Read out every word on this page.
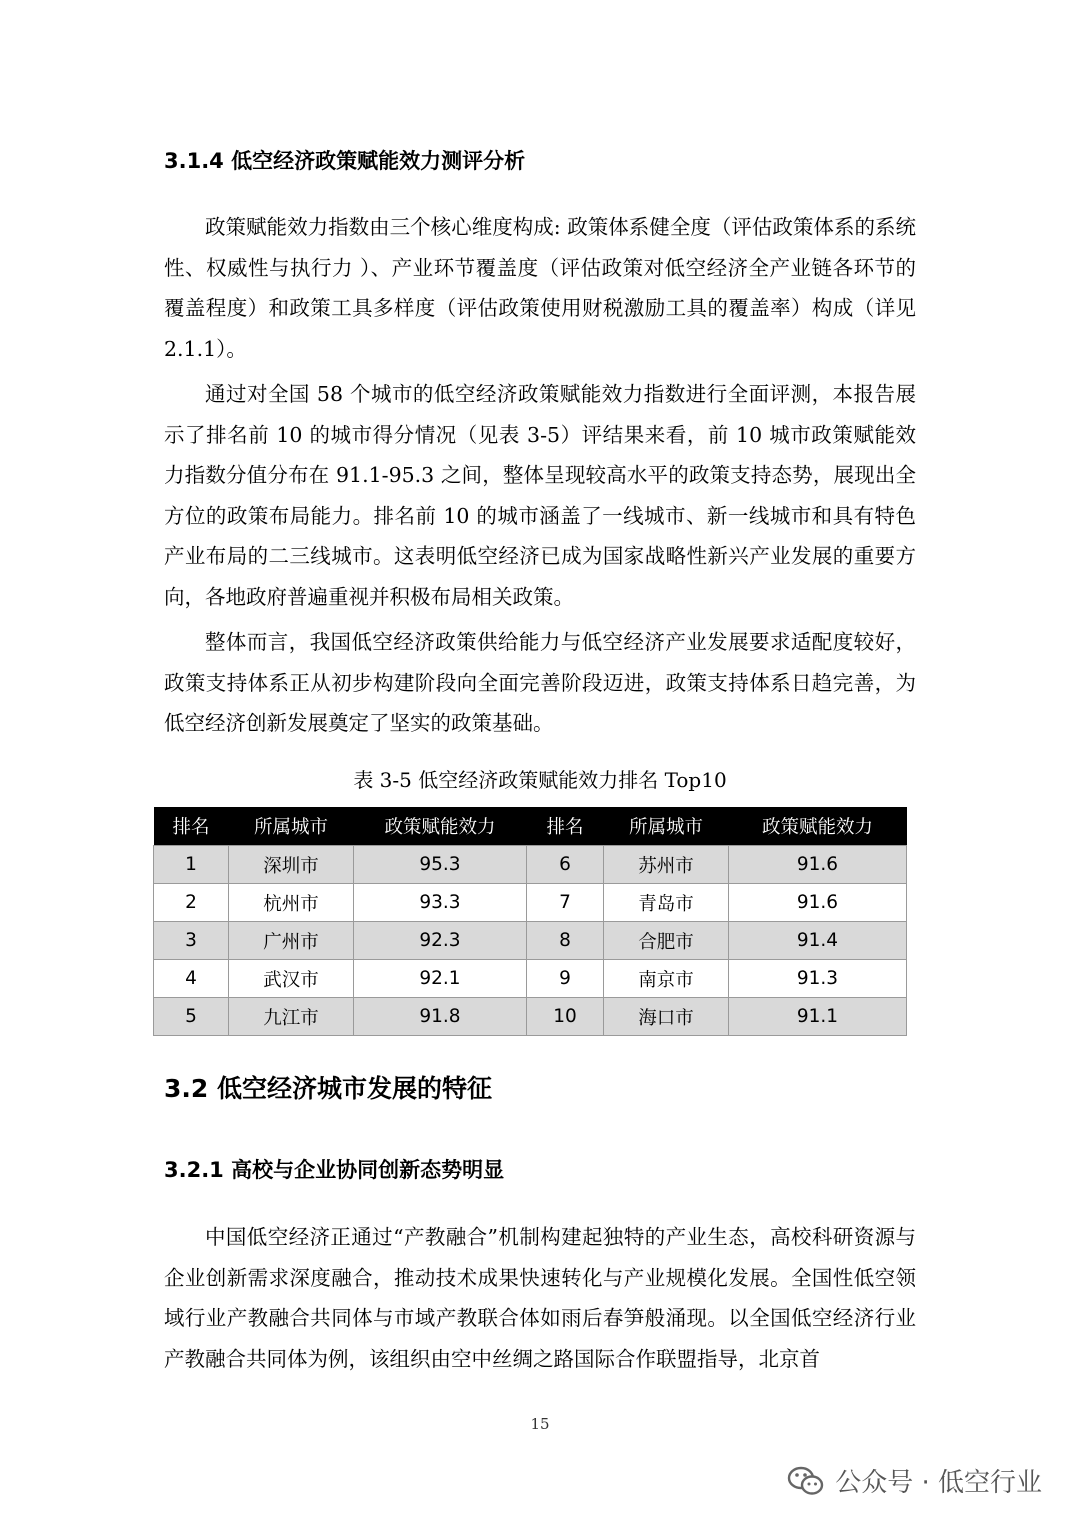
3.1.4 低空经济政策赋能效力测评分析

政策赋能效力指数由三个核心维度构成: 政策体系健全度（评估政策体系的系统性、权威性与执行力 ）、产业环节覆盖度（评估政策对低空经济全产业链各环节的覆盖程度）和政策工具多样度（评估政策使用财税激励工具的覆盖率）构成（详见 2.1.1）。

通过对全国 58 个城市的低空经济政策赋能效力指数进行全面评测，本报告展示了排名前 10 的城市得分情况（见表 3-5）评结果来看，前 10 城市政策赋能效力指数分值分布在 91.1-95.3 之间，整体呈现较高水平的政策支持态势，展现出全方位的政策布局能力。排名前 10 的城市涵盖了一线城市、新一线城市和具有特色产业布局的二三线城市。这表明低空经济已成为国家战略性新兴产业发展的重要方向，各地政府普遍重视并积极布局相关政策。

整体而言，我国低空经济政策供给能力与低空经济产业发展要求适配度较好，政策支持体系正从初步构建阶段向全面完善阶段迈进，政策支持体系日趋完善，为低空经济创新发展奠定了坚实的政策基础。

表 3-5 低空经济政策赋能效力排名 Top10
排名	所属城市	政策赋能效力	排名	所属城市	政策赋能效力
1	深圳市	95.3	6	苏州市	91.6
2	杭州市	93.3	7	青岛市	91.6
3	广州市	92.3	8	合肥市	91.4
4	武汉市	92.1	9	南京市	91.3
5	九江市	91.8	10	海口市	91.1
3.2 低空经济城市发展的特征
3.2.1 高校与企业协同创新态势明显

中国低空经济正通过“产教融合”机制构建起独特的产业生态，高校科研资源与企业创新需求深度融合，推动技术成果快速转化与产业规模化发展。全国性低空领域行业产教融合共同体与市域产教联合体如雨后春笋般涌现。以全国低空经济行业产教融合共同体为例，该组织由空中丝绸之路国际合作联盟指导，北京首

15
公众号 · 低空行业
